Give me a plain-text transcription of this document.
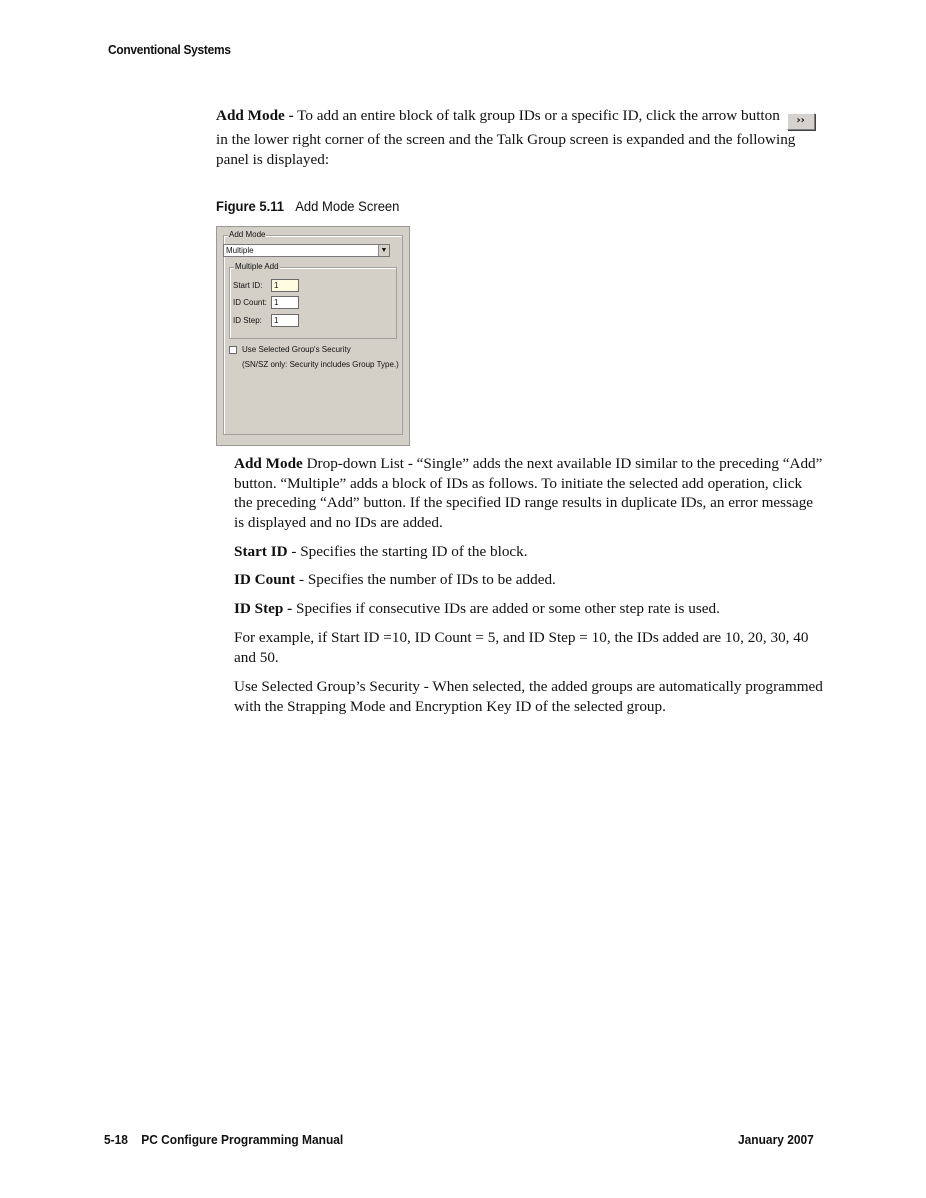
Conventional Systems

Add Mode - To add an entire block of talk group IDs or a specific ID, click the arrow button ›› in the lower right corner of the screen and the Talk Group screen is expanded and the following panel is displayed:

Figure 5.11 Add Mode Screen
Add Mode
Multiple	▼
Multiple Add
Start ID:	1
ID Count: 1
ID Step:	1
Use Selected Group's Security
(SN/SZ only: Security includes Group Type.)

Add Mode Drop-down List - “Single” adds the next available ID similar to the preceding “Add” button. “Multiple” adds a block of IDs as follows. To initiate the selected add operation, click the preceding “Add” button. If the specified ID range results in duplicate IDs, an error message is displayed and no IDs are added.

Start ID - Specifies the starting ID of the block.

ID Count - Specifies the number of IDs to be added.

ID Step - Specifies if consecutive IDs are added or some other step rate is used.

For example, if Start ID =10, ID Count = 5, and ID Step = 10, the IDs added are 10, 20, 30, 40 and 50.

Use Selected Group’s Security - When selected, the added groups are automatically programmed with the Strapping Mode and Encryption Key ID of the selected group.

5-18    PC Configure Programming Manual	January 2007
